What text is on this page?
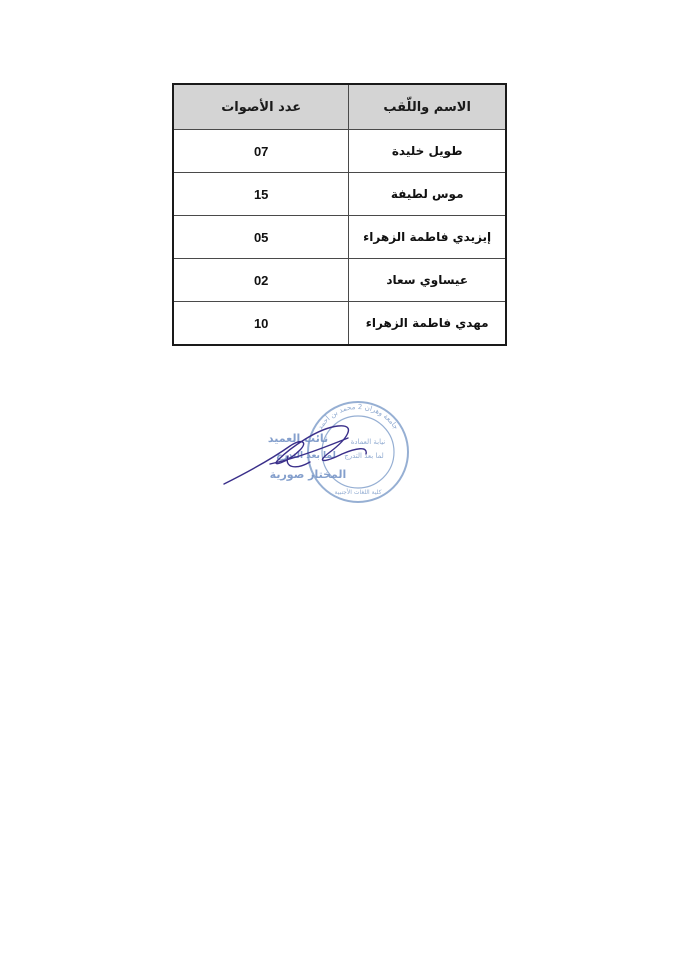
الاسم واللّقب	عدد الأصوات
طويل خليدة	07
موس لطيفة	15
إيزيدي فاطمة الزهراء	05
عيساوي سعاد	02
مهدي فاطمة الزهراء	10
جامعة وهران 2 محمد بن أحمد
نيابة العمادة
لما بعد التدرج
كلية اللغات الأجنبية
نائب العميد
لما بعد التدرج
المختار صورية
